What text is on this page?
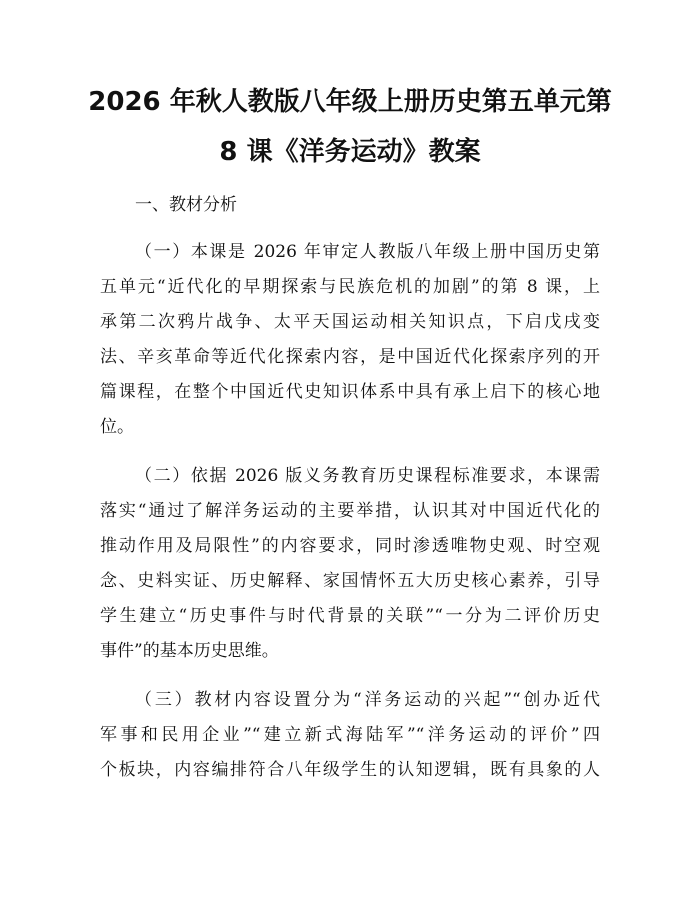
2026 年秋人教版八年级上册历史第五单元第
8 课《洋务运动》教案
一、教材分析
（一）本课是 2026 年审定人教版八年级上册中国历史第
五单元“近代化的早期探索与民族危机的加剧”的第 8 课，上
承第二次鸦片战争、太平天国运动相关知识点，下启戊戌变
法、辛亥革命等近代化探索内容，是中国近代化探索序列的开
篇课程，在整个中国近代史知识体系中具有承上启下的核心地
位。
（二）依据 2026 版义务教育历史课程标准要求，本课需
落实“通过了解洋务运动的主要举措，认识其对中国近代化的
推动作用及局限性”的内容要求，同时渗透唯物史观、时空观
念、史料实证、历史解释、家国情怀五大历史核心素养，引导
学生建立“历史事件与时代背景的关联”“一分为二评价历史
事件”的基本历史思维。
（三）教材内容设置分为“洋务运动的兴起”“创办近代
军事和民用企业”“建立新式海陆军”“洋务运动的评价”四
个板块，内容编排符合八年级学生的认知逻辑，既有具象的人
